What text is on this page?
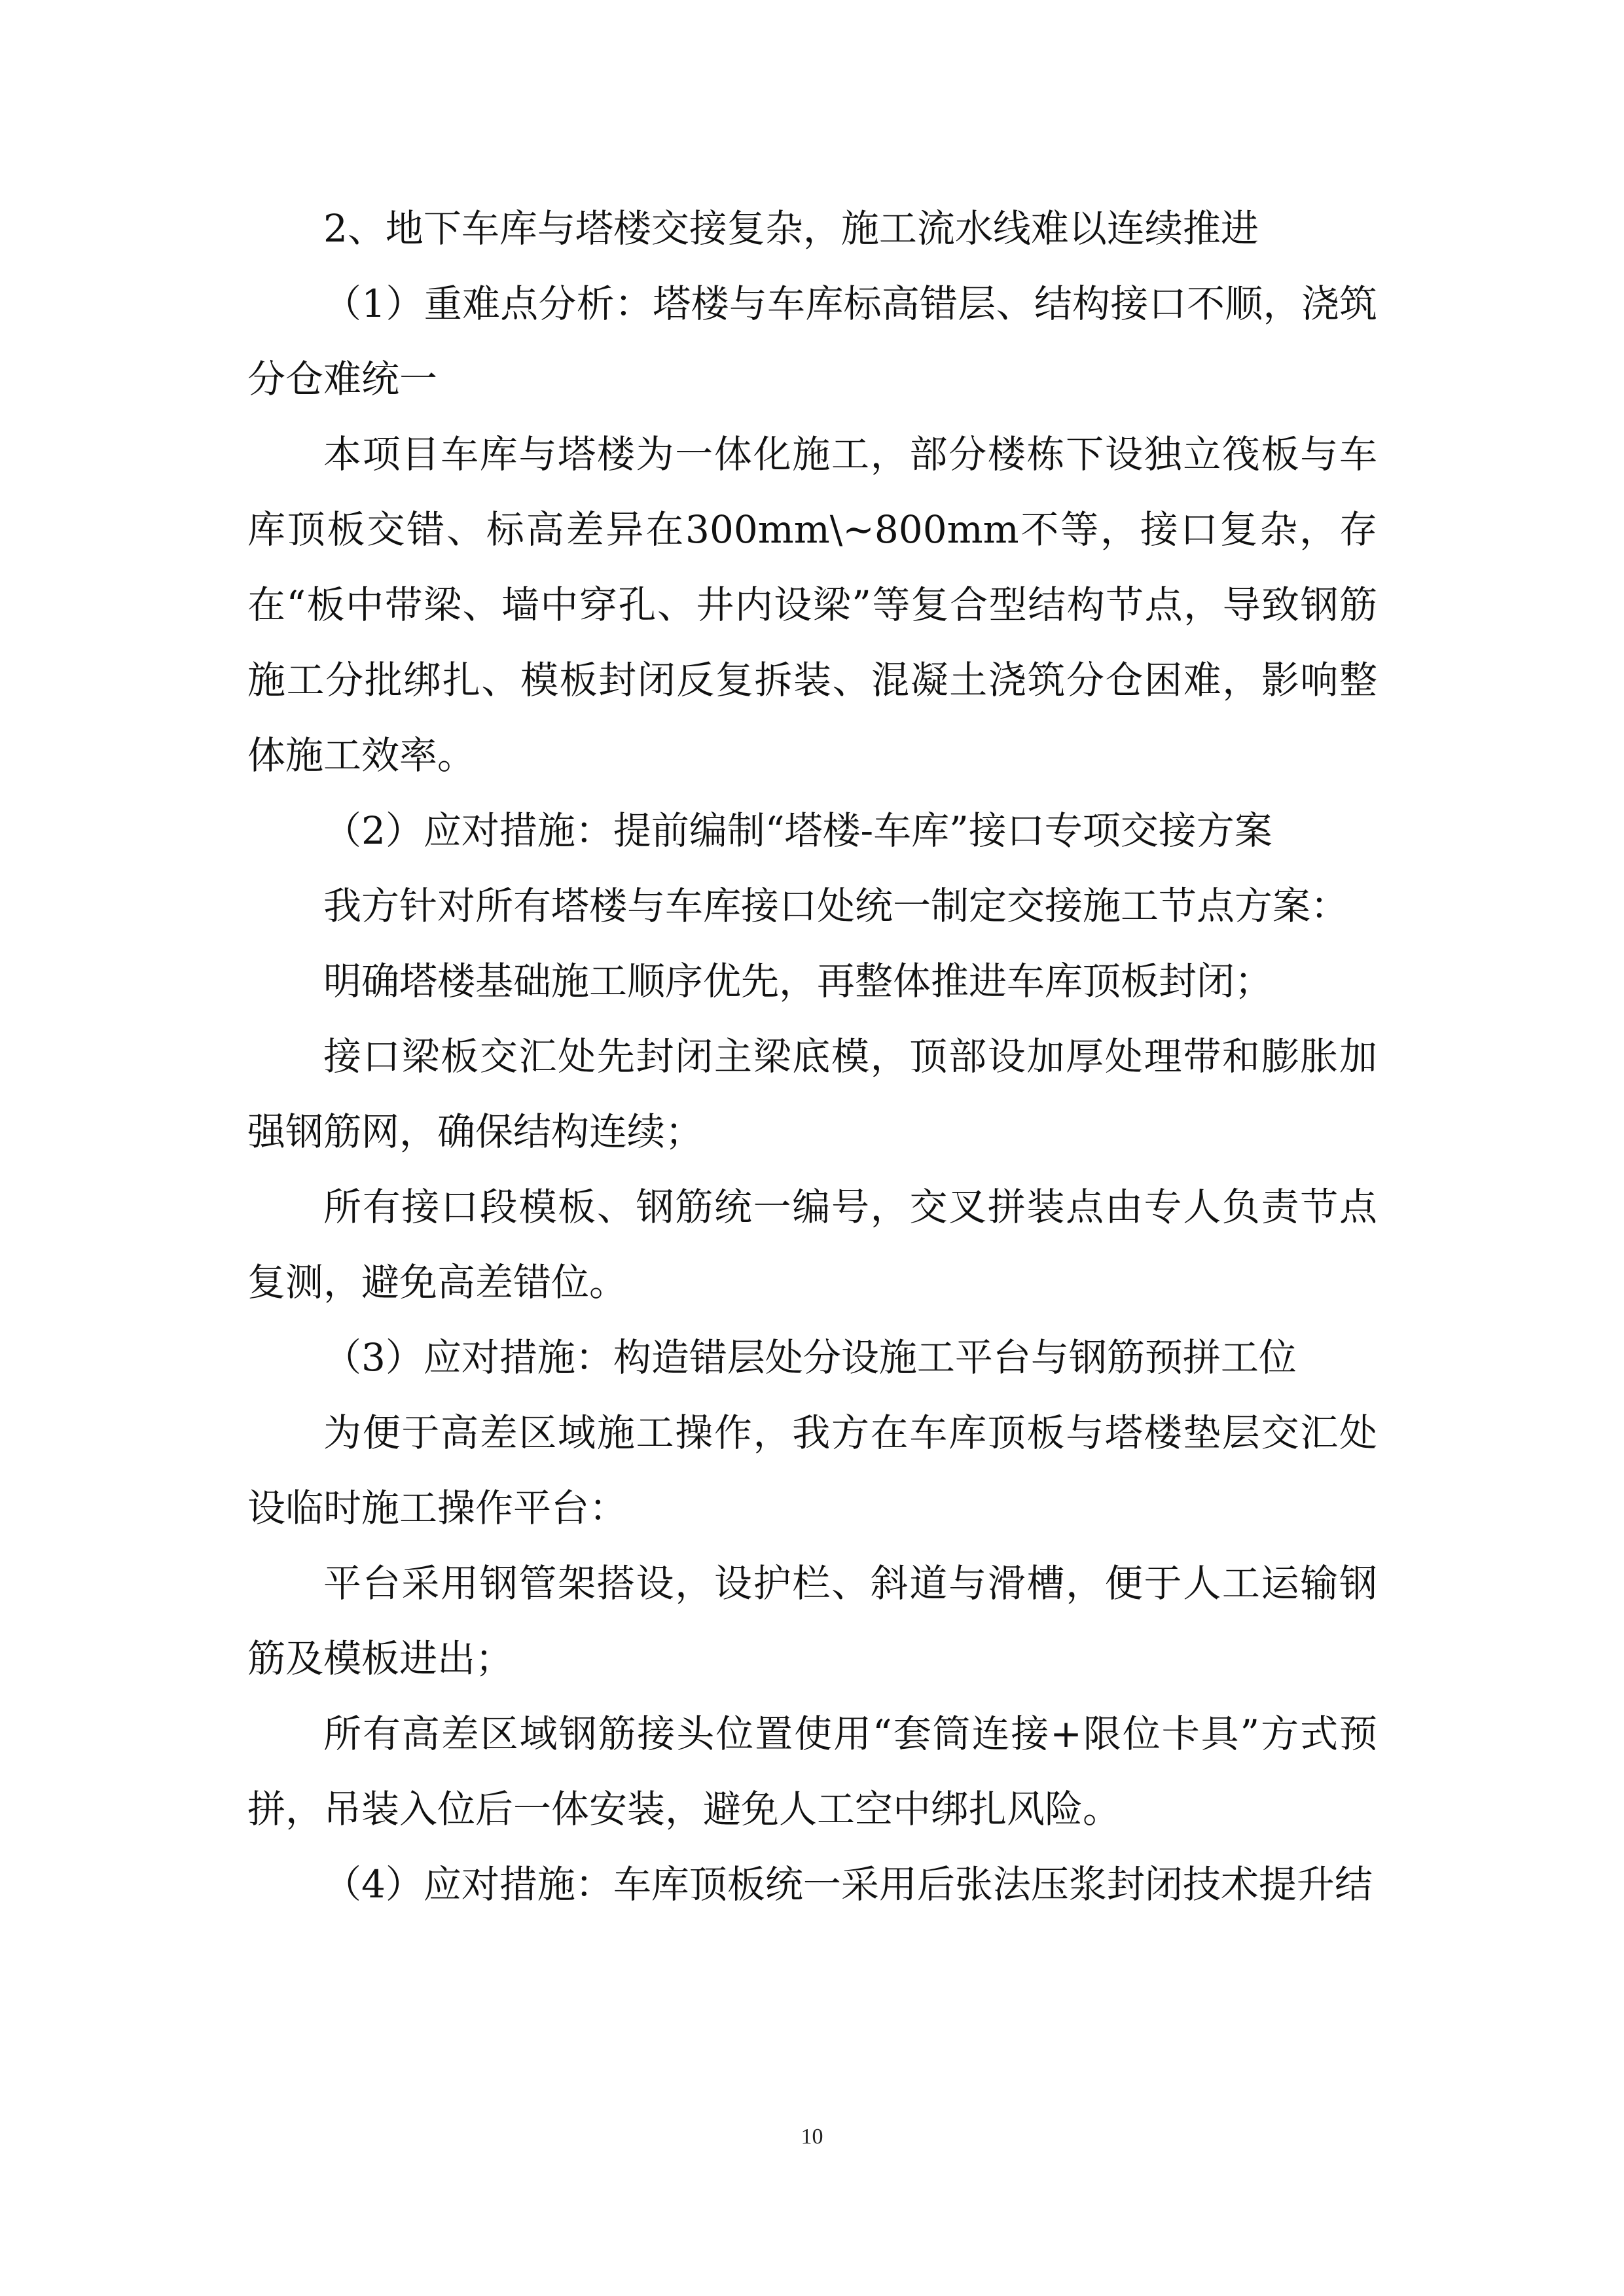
2、地下车库与塔楼交接复杂，施工流水线难以连续推进

（1）重难点分析：塔楼与车库标高错层、结构接口不顺，浇筑分仓难统一

本项目车库与塔楼为一体化施工，部分楼栋下设独立筏板与车库顶板交错、标高差异在300mm\~800mm不等，接口复杂，存在“板中带梁、墙中穿孔、井内设梁”等复合型结构节点，导致钢筋施工分批绑扎、模板封闭反复拆装、混凝土浇筑分仓困难，影响整体施工效率。

（2）应对措施：提前编制“塔楼-车库”接口专项交接方案

我方针对所有塔楼与车库接口处统一制定交接施工节点方案：

明确塔楼基础施工顺序优先，再整体推进车库顶板封闭；

接口梁板交汇处先封闭主梁底模，顶部设加厚处理带和膨胀加强钢筋网，确保结构连续；

所有接口段模板、钢筋统一编号，交叉拼装点由专人负责节点复测，避免高差错位。

（3）应对措施：构造错层处分设施工平台与钢筋预拼工位

为便于高差区域施工操作，我方在车库顶板与塔楼垫层交汇处设临时施工操作平台：

平台采用钢管架搭设，设护栏、斜道与滑槽，便于人工运输钢筋及模板进出；

所有高差区域钢筋接头位置使用“套筒连接+限位卡具”方式预拼，吊装入位后一体安装，避免人工空中绑扎风险。

（4）应对措施：车库顶板统一采用后张法压浆封闭技术提升结

10
